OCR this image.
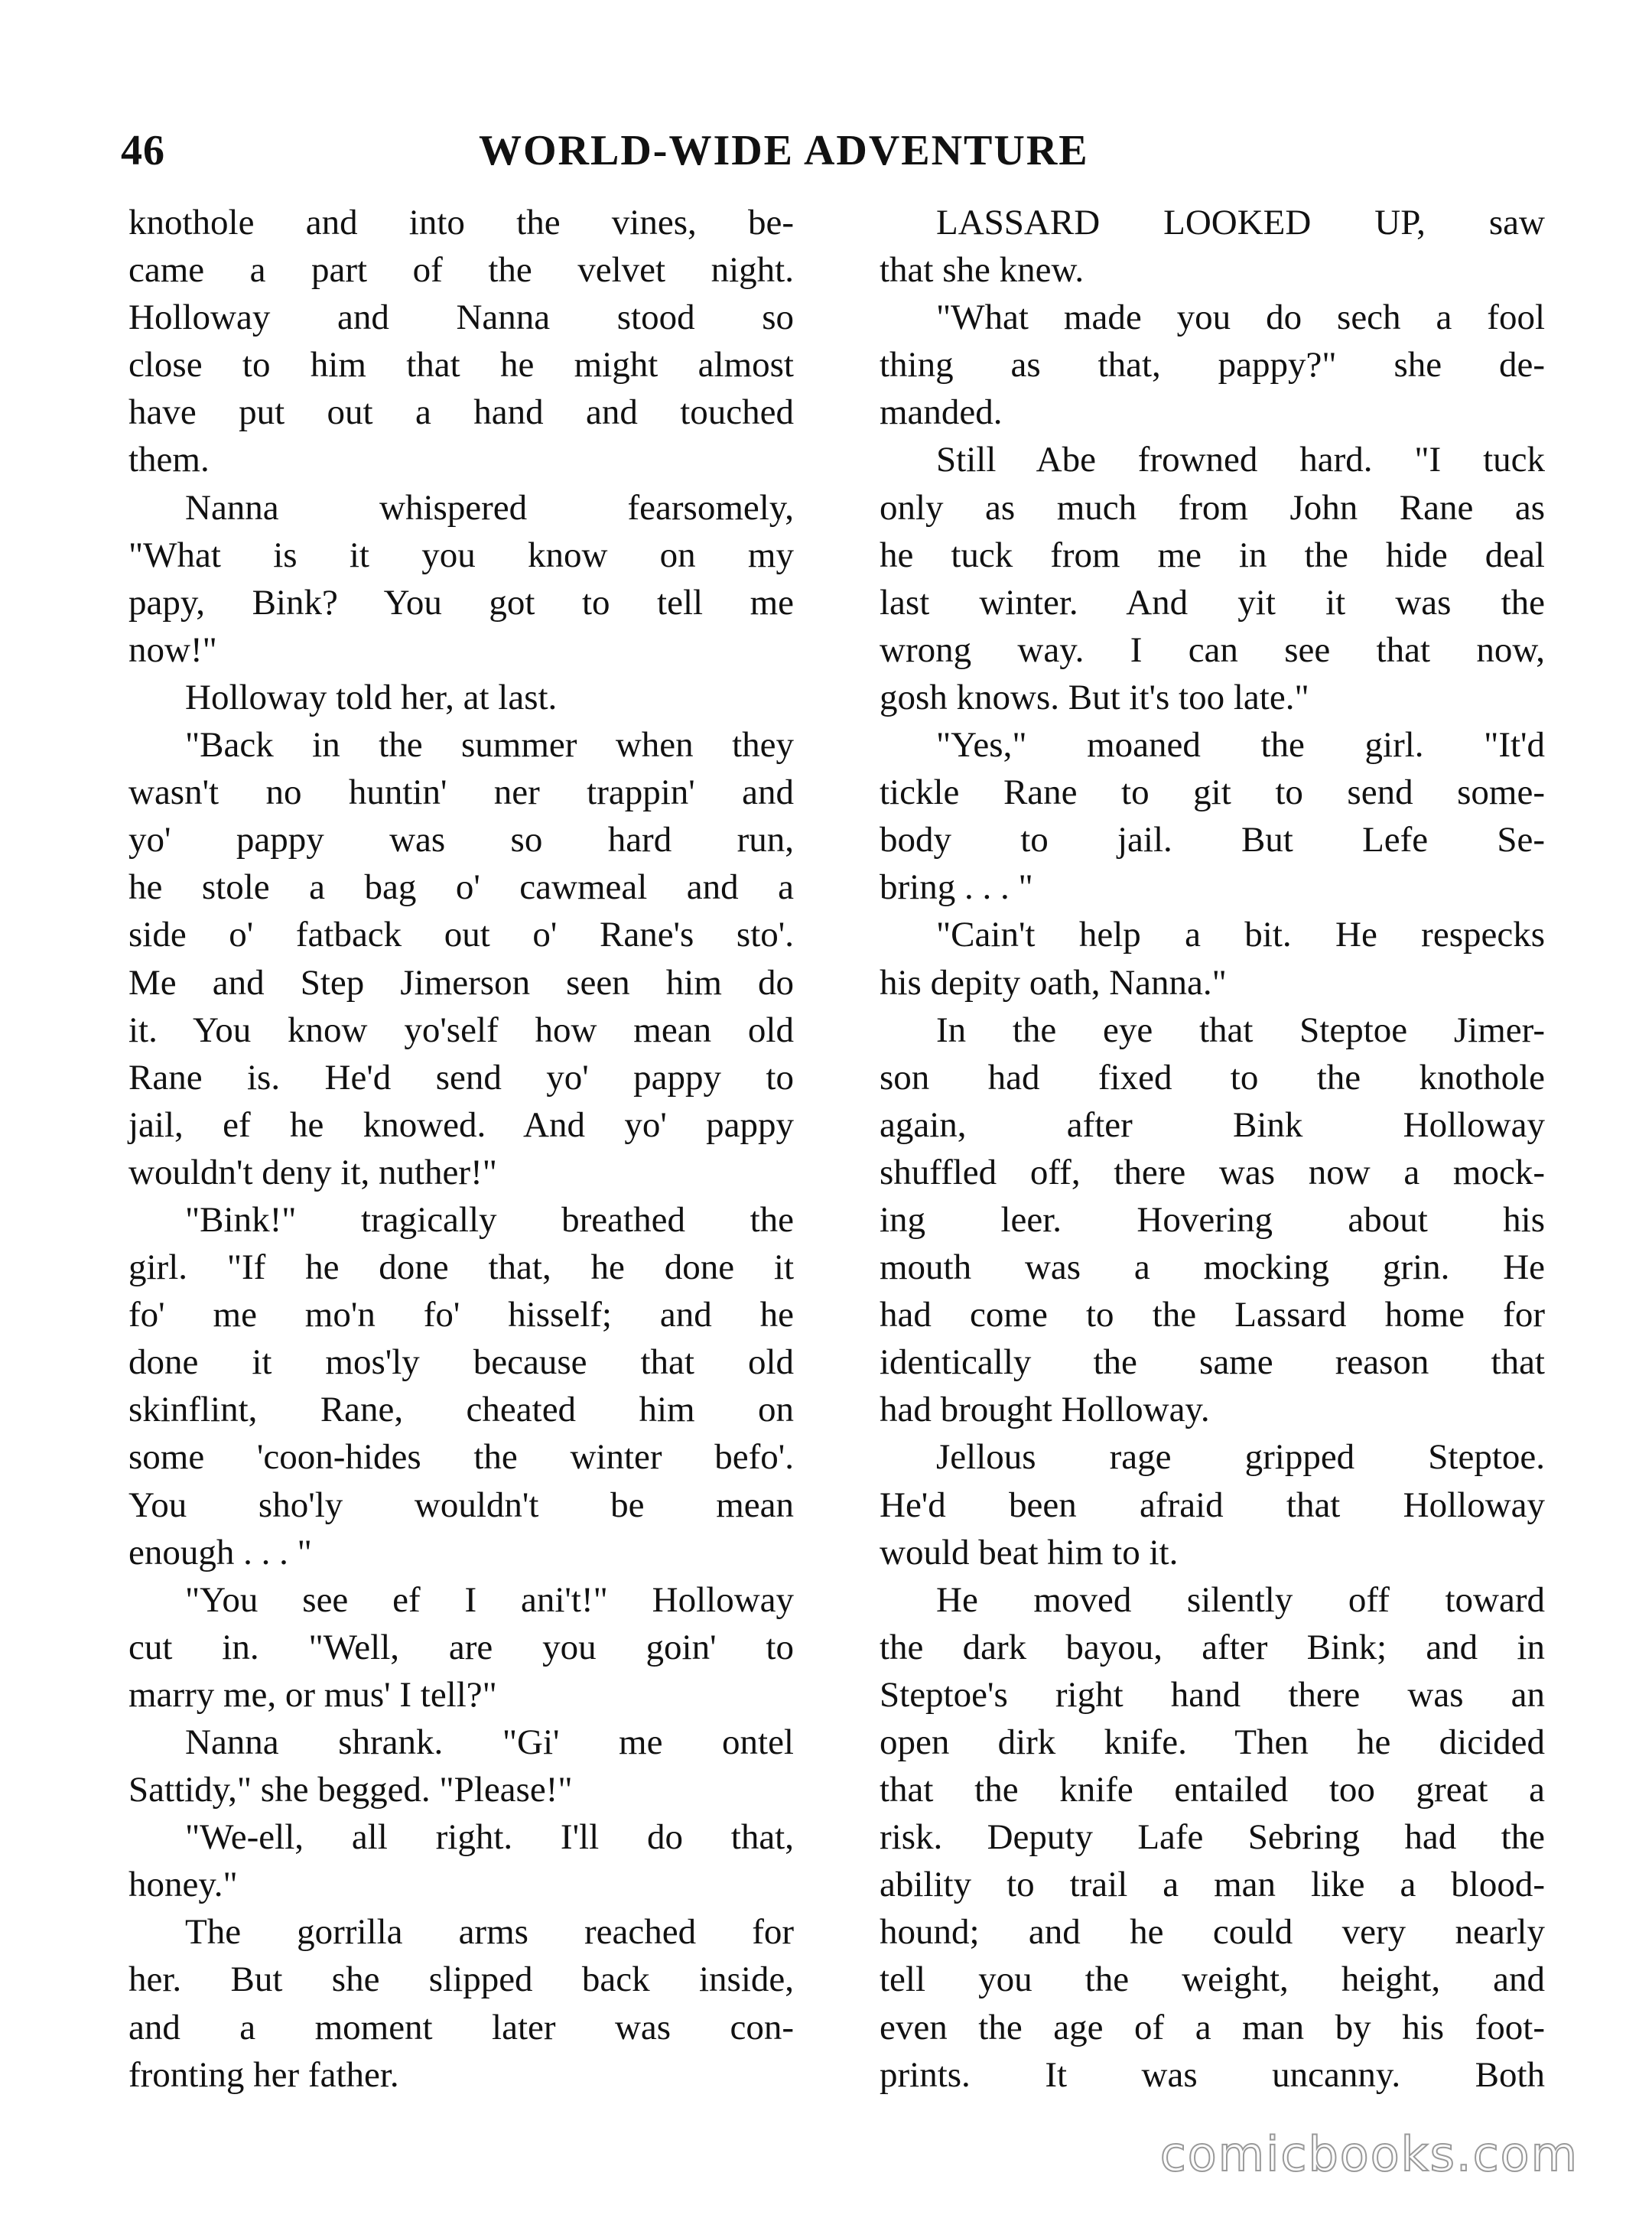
46	WORLD-WIDE ADVENTURE
knothole and into the vines, be-
came a part of the velvet night.
Holloway and Nanna stood so
close to him that he might almost
have put out a hand and touched
them.
Nanna whispered fearsomely,
"What is it you know on my
papy, Bink? You got to tell me
now!"
Holloway told her, at last.
"Back in the summer when they
wasn't no huntin' ner trappin' and
yo' pappy was so hard run,
he stole a bag o' cawmeal and a
side o' fatback out o' Rane's sto'.
Me and Step Jimerson seen him do
it. You know yo'self how mean old
Rane is. He'd send yo' pappy to
jail, ef he knowed. And yo' pappy
wouldn't deny it, nuther!"
"Bink!" tragically breathed the
girl. "If he done that, he done it
fo' me mo'n fo' hisself; and he
done it mos'ly because that old
skinflint, Rane, cheated him on
some 'coon-hides the winter befo'.
You sho'ly wouldn't be mean
enough . . . "
"You see ef I ani't!" Holloway
cut in. "Well, are you goin' to
marry me, or mus' I tell?"
Nanna shrank. "Gi' me ontel
Sattidy," she begged. "Please!"
"We-ell, all right. I'll do that,
honey."
The gorrilla arms reached for
her. But she slipped back inside,
and a moment later was con-
fronting her father.
LASSARD LOOKED UP, saw
that she knew.
"What made you do sech a fool
thing as that, pappy?" she de-
manded.
Still Abe frowned hard. "I tuck
only as much from John Rane as
he tuck from me in the hide deal
last winter. And yit it was the
wrong way. I can see that now,
gosh knows. But it's too late."
"Yes," moaned the girl. "It'd
tickle Rane to git to send some-
body to jail. But Lefe Se-
bring . . . "
"Cain't help a bit. He respecks
his depity oath, Nanna."
In the eye that Steptoe Jimer-
son had fixed to the knothole
again, after Bink Holloway
shuffled off, there was now a mock-
ing leer. Hovering about his
mouth was a mocking grin. He
had come to the Lassard home for
identically the same reason that
had brought Holloway.
Jellous rage gripped Steptoe.
He'd been afraid that Holloway
would beat him to it.
He moved silently off toward
the dark bayou, after Bink; and in
Steptoe's right hand there was an
open dirk knife. Then he dicided
that the knife entailed too great a
risk. Deputy Lafe Sebring had the
ability to trail a man like a blood-
hound; and he could very nearly
tell you the weight, height, and
even the age of a man by his foot-
prints. It was uncanny. Both
comicbooks.com
